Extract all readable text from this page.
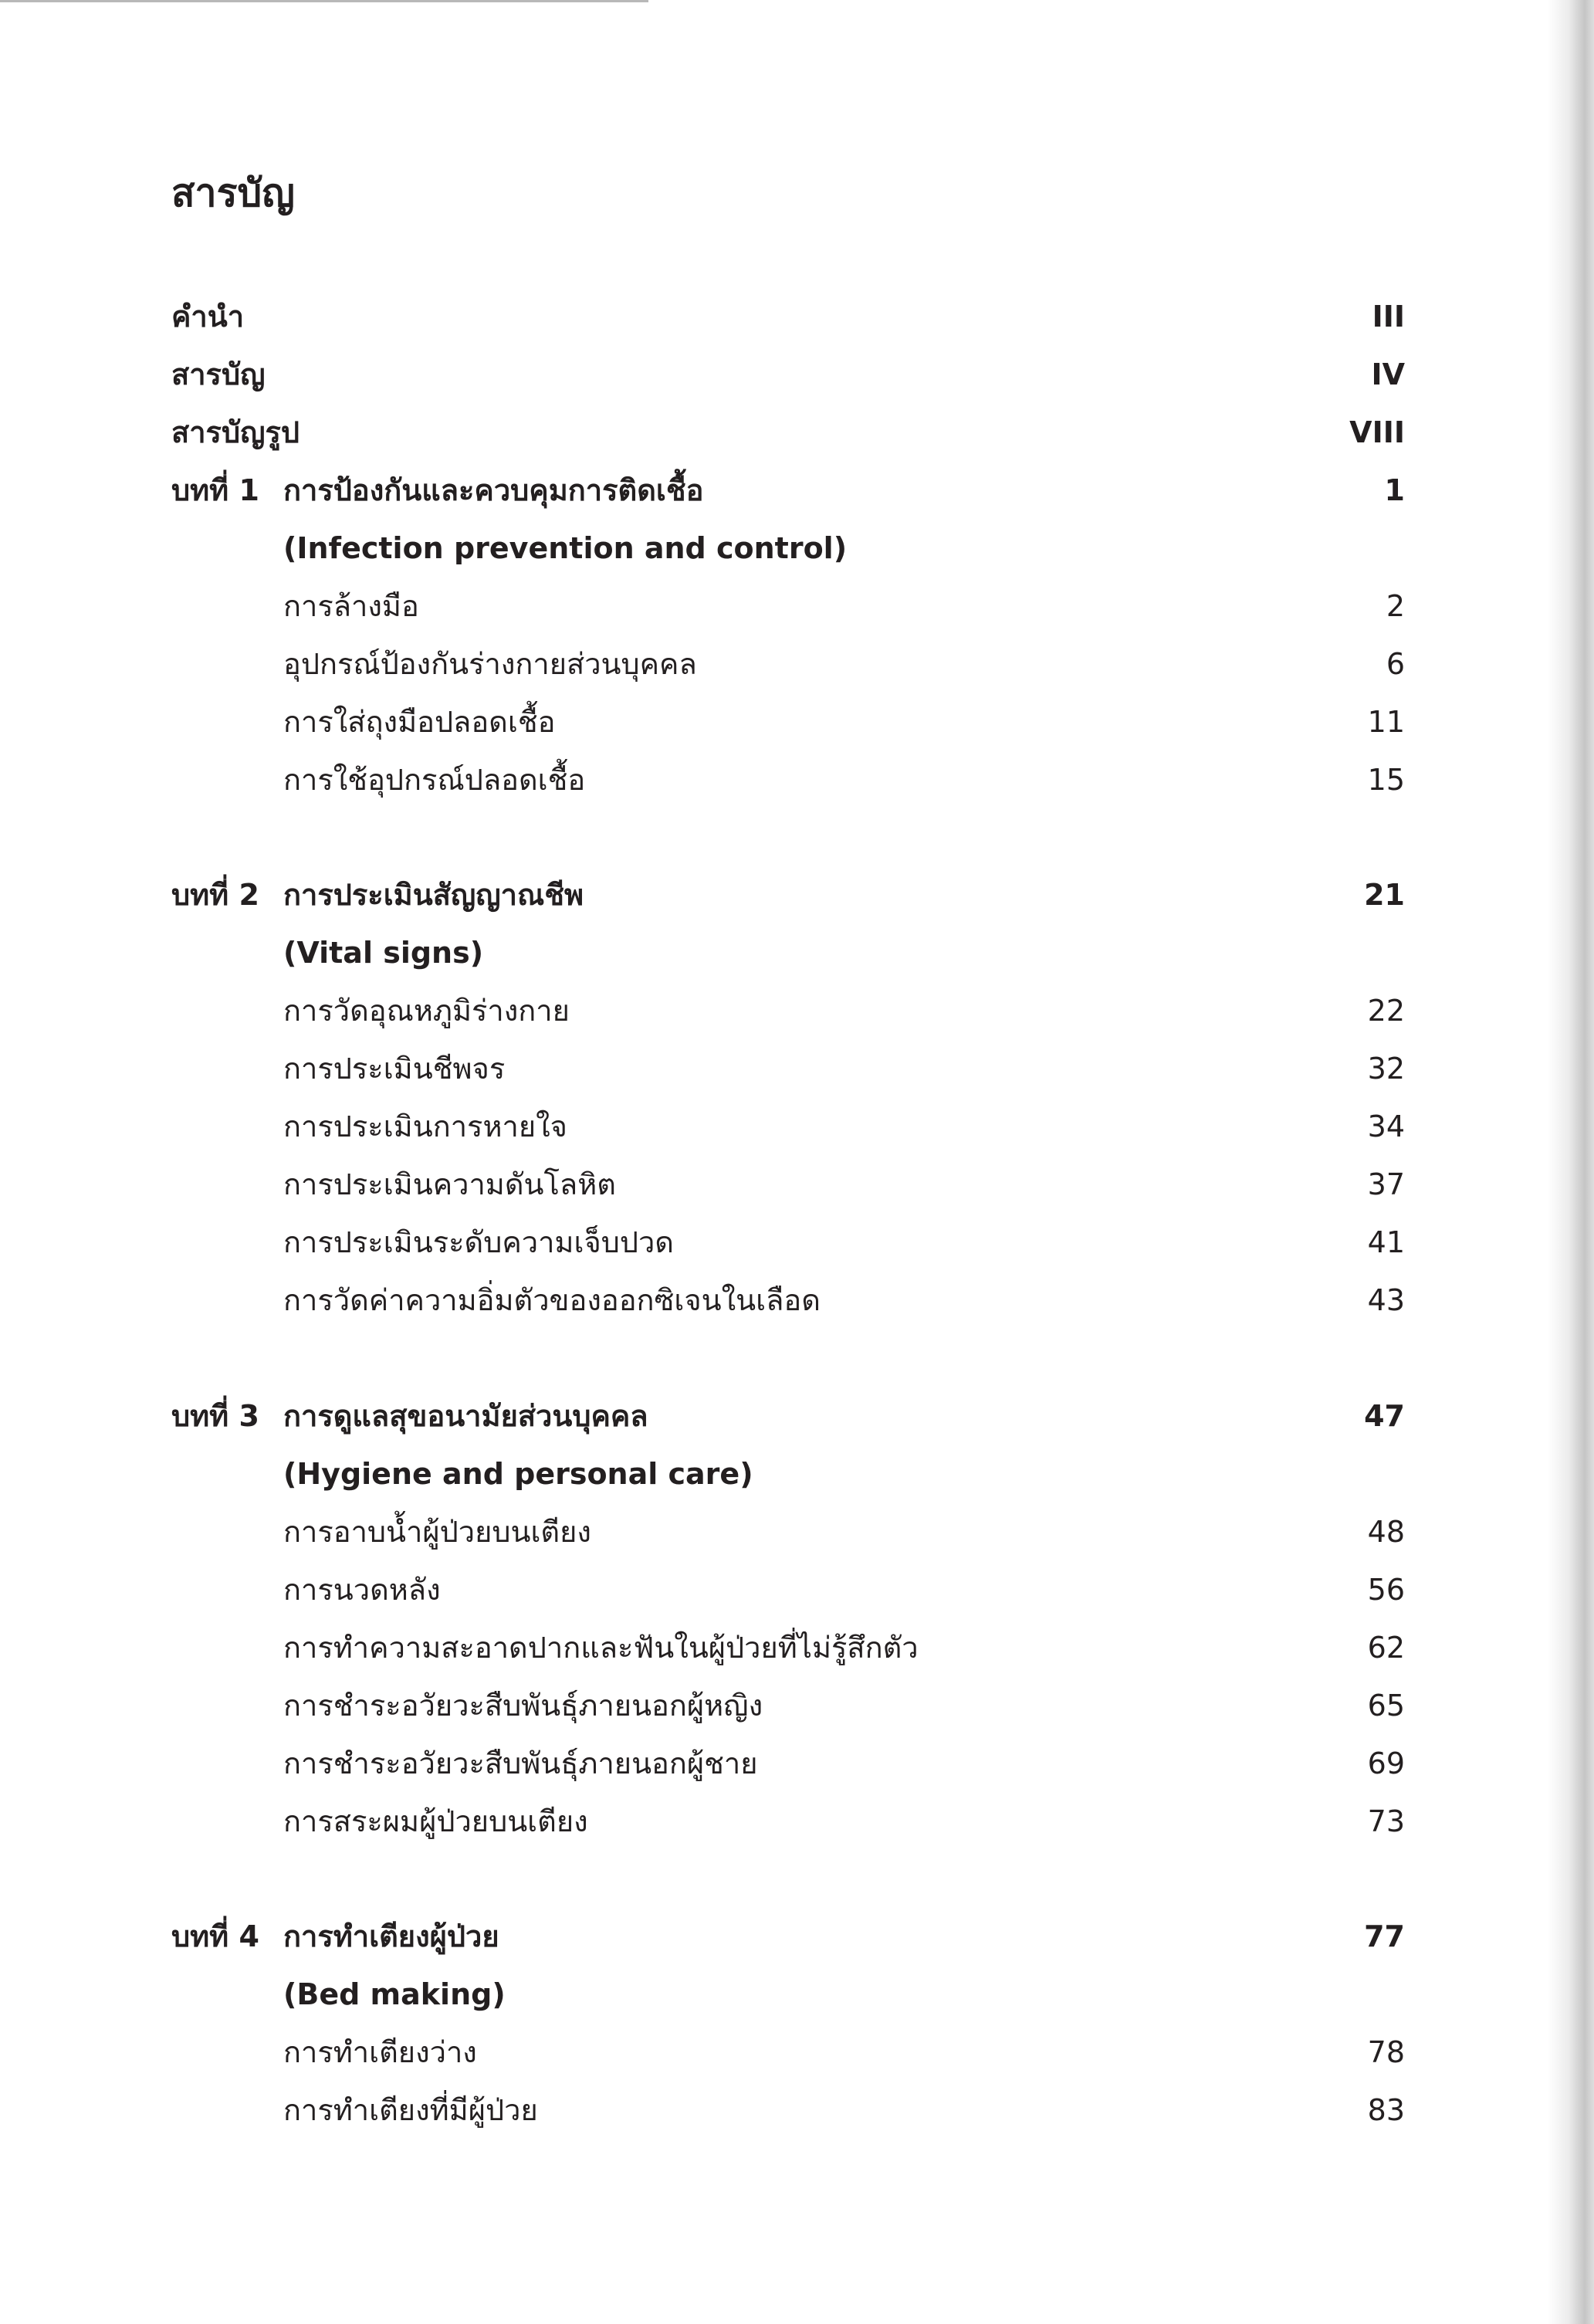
สารบัญ
คำนำ	III
สารบัญ	IV
สารบัญรูป	VIII
บทที่ 1 การป้องกันและควบคุมการติดเชื้อ	1
(Infection prevention and control)
การล้างมือ	2
อุปกรณ์ป้องกันร่างกายส่วนบุคคล	6
การใส่ถุงมือปลอดเชื้อ	11
การใช้อุปกรณ์ปลอดเชื้อ	15
บทที่ 2 การประเมินสัญญาณชีพ	21
(Vital signs)
การวัดอุณหภูมิร่างกาย	22
การประเมินชีพจร	32
การประเมินการหายใจ	34
การประเมินความดันโลหิต	37
การประเมินระดับความเจ็บปวด	41
การวัดค่าความอิ่มตัวของออกซิเจนในเลือด	43
บทที่ 3 การดูแลสุขอนามัยส่วนบุคคล	47
(Hygiene and personal care)
การอาบน้ำผู้ป่วยบนเตียง	48
การนวดหลัง	56
การทำความสะอาดปากและฟันในผู้ป่วยที่ไม่รู้สึกตัว	62
การชำระอวัยวะสืบพันธุ์ภายนอกผู้หญิง	65
การชำระอวัยวะสืบพันธุ์ภายนอกผู้ชาย	69
การสระผมผู้ป่วยบนเตียง	73
บทที่ 4 การทำเตียงผู้ป่วย	77
(Bed making)
การทำเตียงว่าง	78
การทำเตียงที่มีผู้ป่วย	83
